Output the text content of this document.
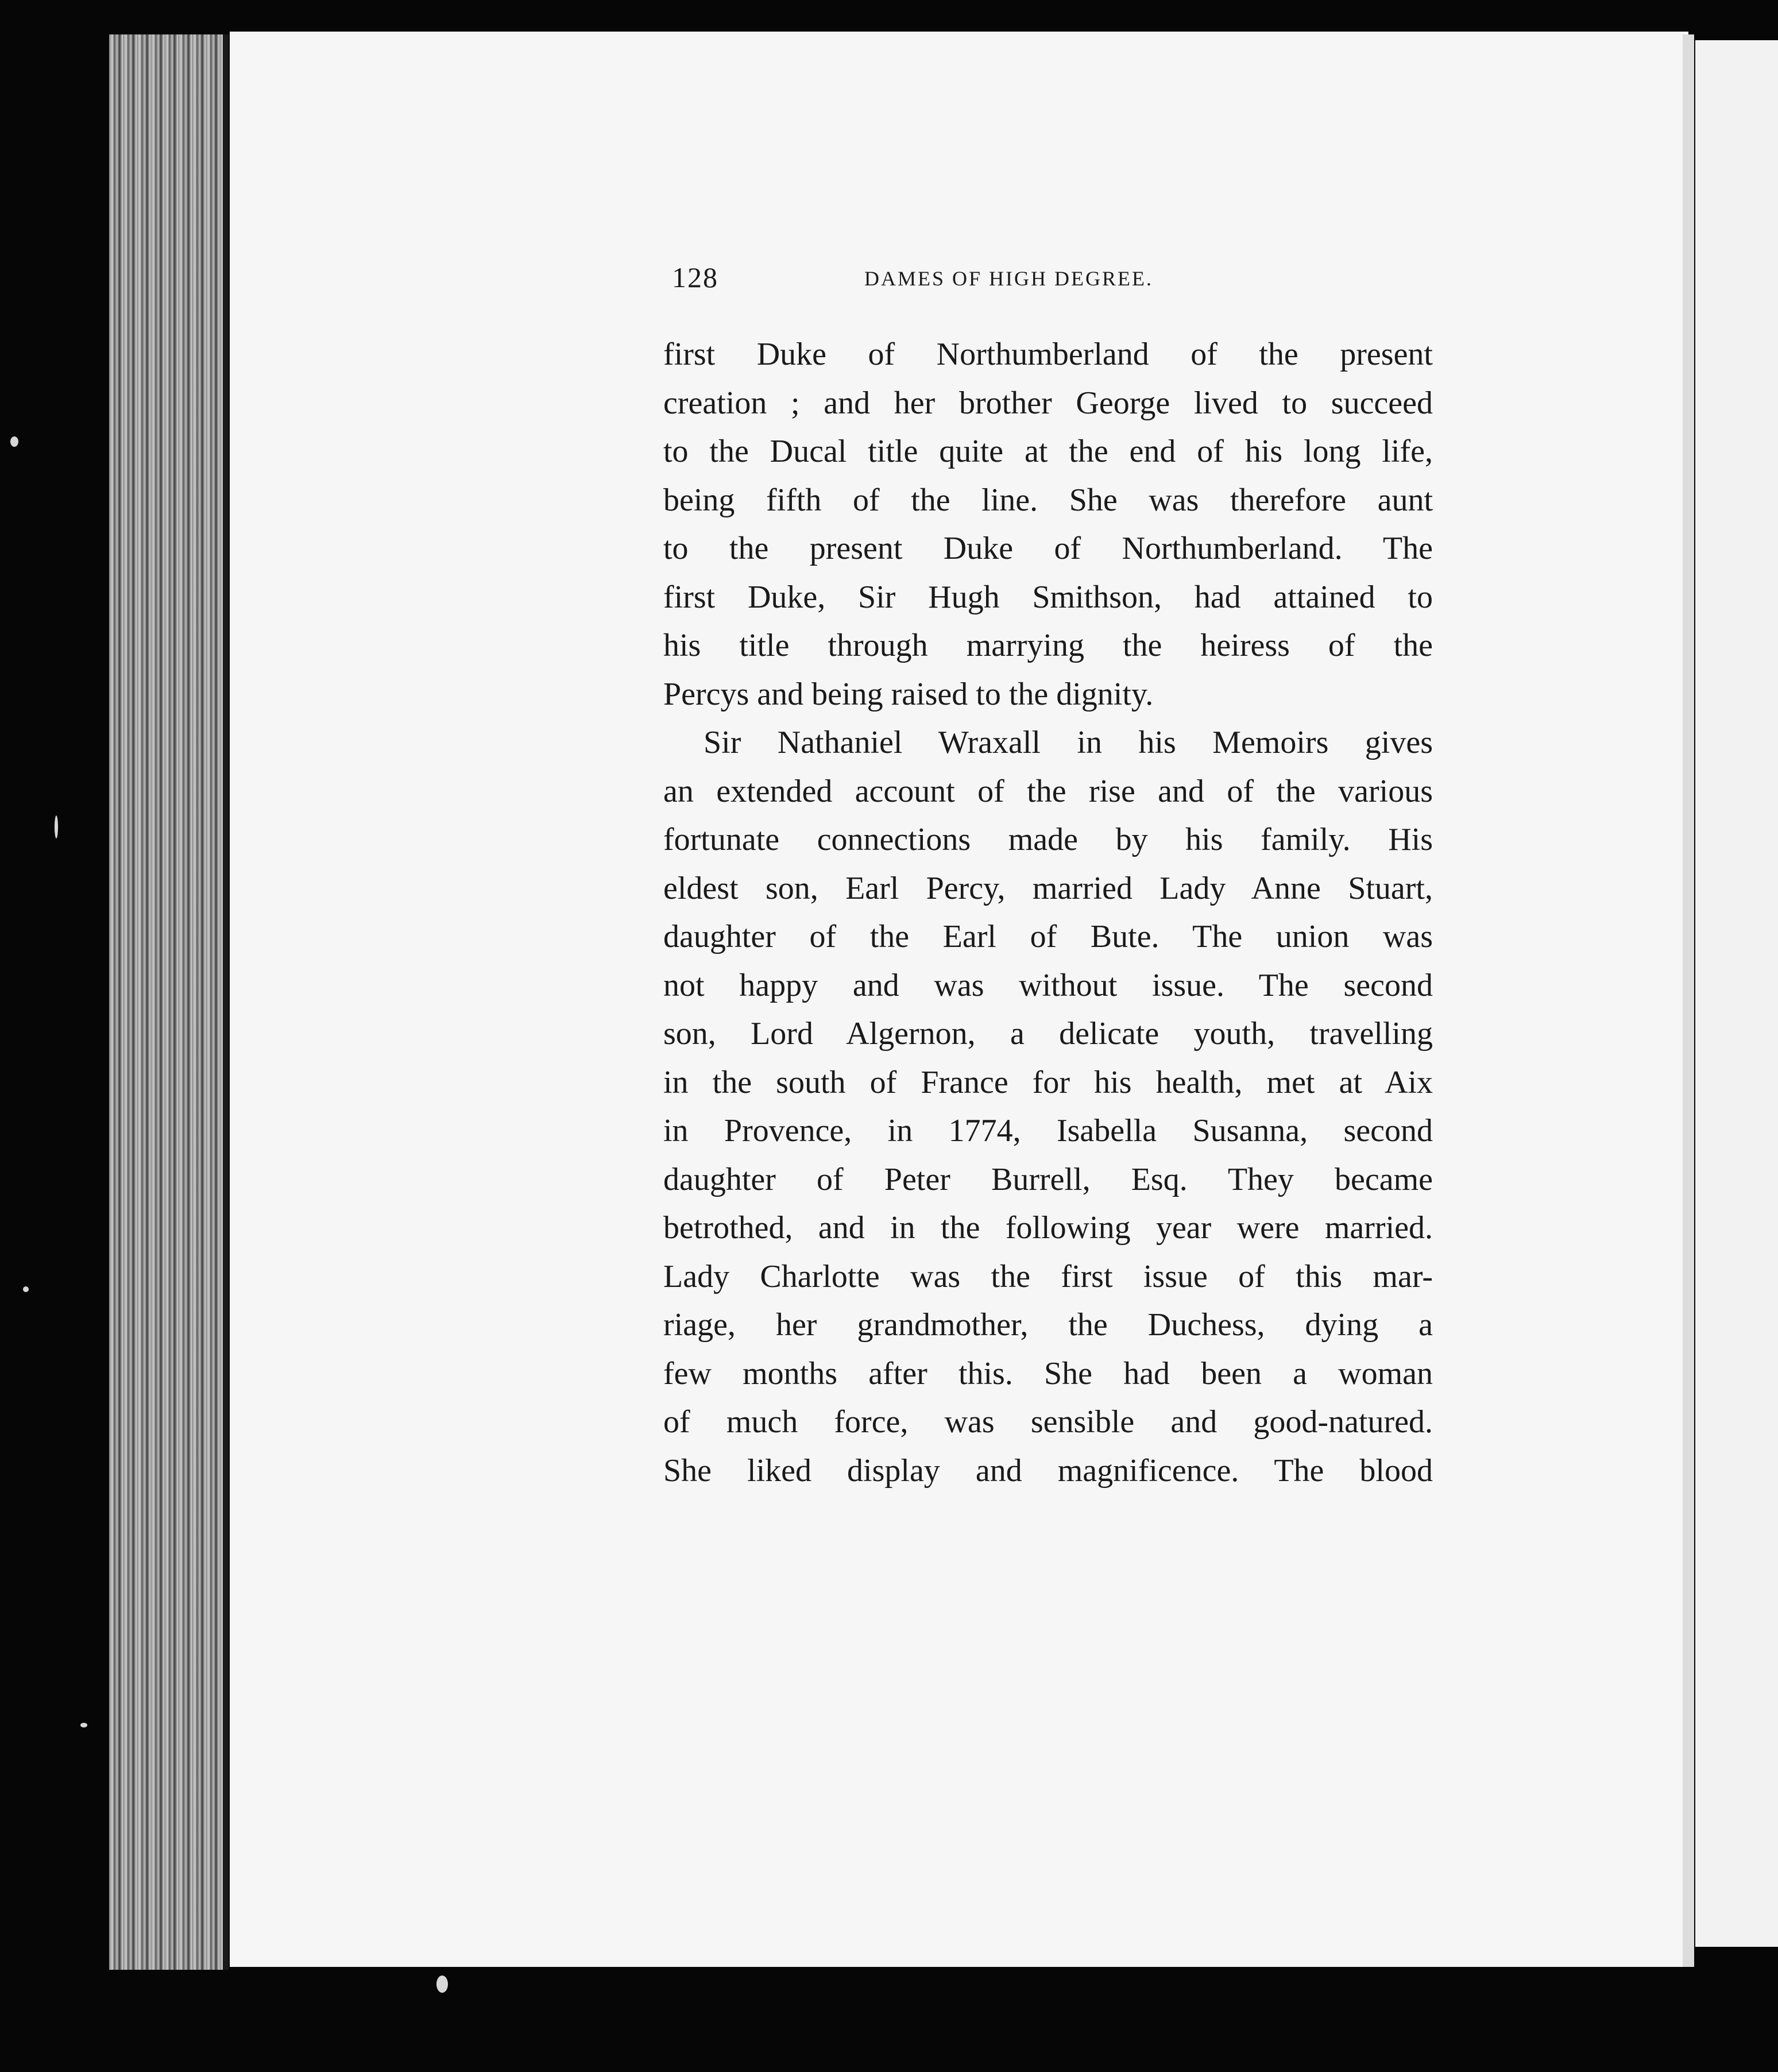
128	DAMES OF HIGH DEGREE.
first Duke of Northumberland of the present
creation ; and her brother George lived to succeed
to the Ducal title quite at the end of his long life,
being fifth of the line. She was therefore aunt
to the present Duke of Northumberland. The
first Duke, Sir Hugh Smithson, had attained to
his title through marrying the heiress of the
Percys and being raised to the dignity.
Sir Nathaniel Wraxall in his Memoirs gives
an extended account of the rise and of the various
fortunate connections made by his family. His
eldest son, Earl Percy, married Lady Anne Stuart,
daughter of the Earl of Bute. The union was
not happy and was without issue. The second
son, Lord Algernon, a delicate youth, travelling
in the south of France for his health, met at Aix
in Provence, in 1774, Isabella Susanna, second
daughter of Peter Burrell, Esq. They became
betrothed, and in the following year were married.
Lady Charlotte was the first issue of this mar-
riage, her grandmother, the Duchess, dying a
few months after this. She had been a woman
of much force, was sensible and good-natured.
She liked display and magnificence. The blood
